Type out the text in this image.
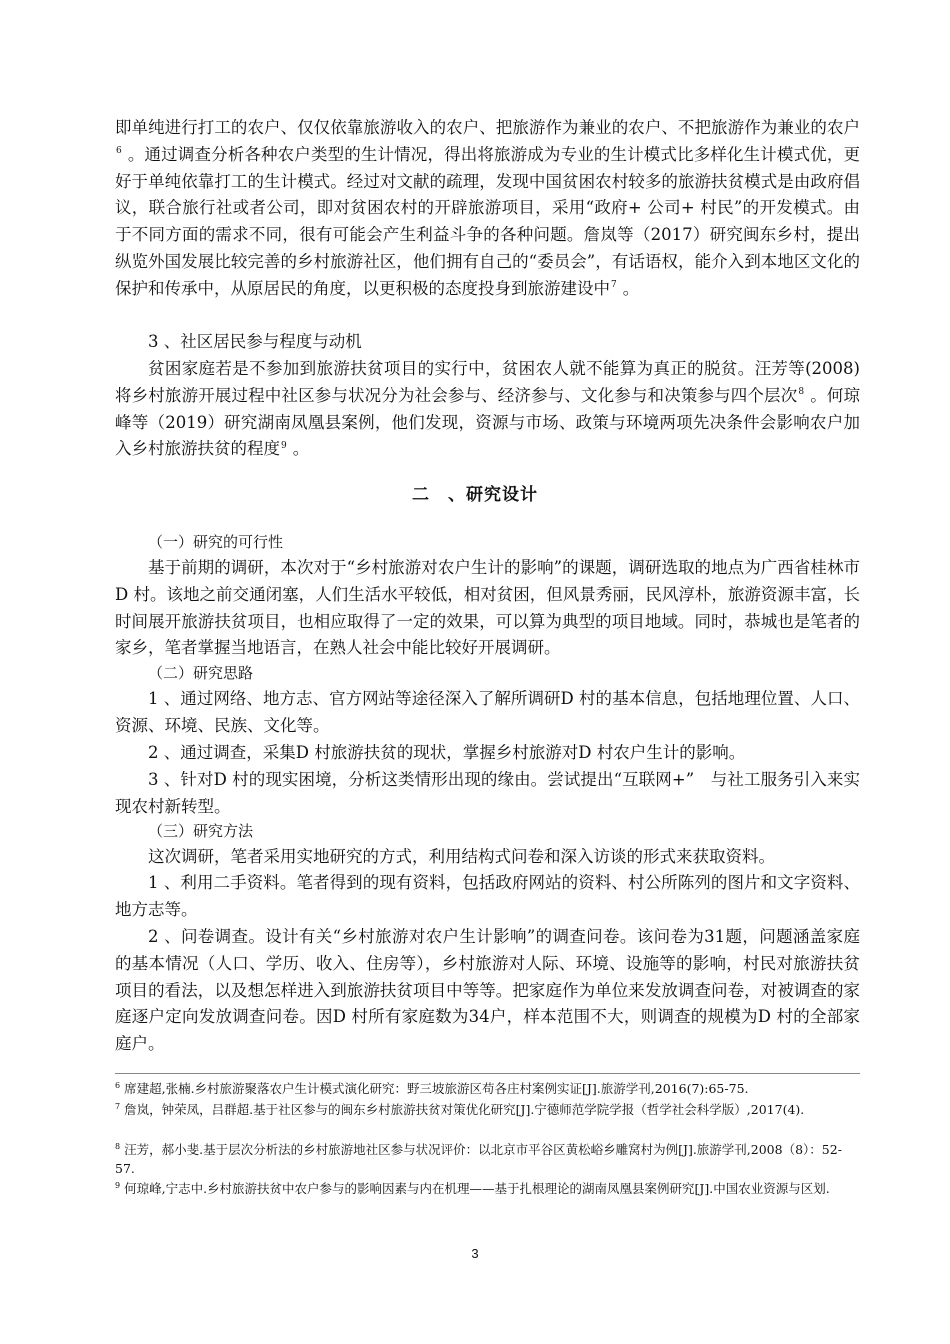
即单纯进行打工的农户、仅仅依靠旅游收入的农户、把旅游作为兼业的农户、不把旅游作为兼业的农户$^6$ 。通过调查分析各种农户类型的生计情况，得出将旅游成为专业的生计模式比多样化生计模式优，更好于单纯依靠打工的生计模式。经过对文献的疏理，发现中国贫困农村较多的旅游扶贫模式是由政府倡议，联合旅行社或者公司，即对贫困农村的开辟旅游项目，采用“政府+ 公司+ 村民”的开发模式。由于不同方面的需求不同，很有可能会产生利益斗争的各种问题。詹岚等（2017）研究闽东乡村，提出纵览外国发展比较完善的乡村旅游社区，他们拥有自己的“委员会”，有话语权，能介入到本地区文化的保护和传承中，从原居民的角度，以更积极的态度投身到旅游建设中$^7$ 。

3 、社区居民参与程度与动机

贫困家庭若是不参加到旅游扶贫项目的实行中，贫困农人就不能算为真正的脱贫。汪芳等(2008)将乡村旅游开展过程中社区参与状况分为社会参与、经济参与、文化参与和决策参与四个层次$^8$ 。何琼峰等（2019）研究湖南凤凰县案例，他们发现，资源与市场、政策与环境两项先决条件会影响农户加入乡村旅游扶贫的程度$^9$ 。

二　、研究设计

（一）研究的可行性

基于前期的调研，本次对于“乡村旅游对农户生计的影响”的课题，调研选取的地点为广西省桂林市D 村。该地之前交通闭塞，人们生活水平较低，相对贫困，但风景秀丽，民风淳朴，旅游资源丰富，长时间展开旅游扶贫项目，也相应取得了一定的效果，可以算为典型的项目地域。同时，恭城也是笔者的家乡，笔者掌握当地语言，在熟人社会中能比较好开展调研。

（二）研究思路

1 、通过网络、地方志、官方网站等途径深入了解所调研D 村的基本信息，包括地理位置、人口、资源、环境、民族、文化等。

2 、通过调查，采集D 村旅游扶贫的现状，掌握乡村旅游对D 村农户生计的影响。

3 、针对D 村的现实困境，分析这类情形出现的缘由。尝试提出“互联网+”　与社工服务引入来实现农村新转型。

（三）研究方法

这次调研，笔者采用实地研究的方式，利用结构式问卷和深入访谈的形式来获取资料。

1 、利用二手资料。笔者得到的现有资料，包括政府网站的资料、村公所陈列的图片和文字资料、地方志等。

2 、问卷调查。设计有关“乡村旅游对农户生计影响”的调查问卷。该问卷为31题，问题涵盖家庭的基本情况（人口、学历、收入、住房等），乡村旅游对人际、环境、设施等的影响，村民对旅游扶贫项目的看法，以及想怎样进入到旅游扶贫项目中等等。把家庭作为单位来发放调查问卷，对被调查的家庭逐户定向发放调查问卷。因D 村所有家庭数为34户，样本范围不大，则调查的规模为D 村的全部家庭户。

$^6$ 席建超,张楠.乡村旅游聚落农户生计模式演化研究：野三坡旅游区苟各庄村案例实证[J].旅游学刊,2016(7):65-75.

$^7$ 詹岚，钟荣凤，吕群超.基于社区参与的闽东乡村旅游扶贫对策优化研究[J].宁德师范学院学报（哲学社会科学版）,2017(4).

$^8$ 汪芳，郝小斐.基于层次分析法的乡村旅游地社区参与状况评价：以北京市平谷区黄松峪乡雕窝村为例[J].旅游学刊,2008（8）：52-57.

$^9$ 何琼峰,宁志中.乡村旅游扶贫中农户参与的影响因素与内在机理——基于扎根理论的湖南凤凰县案例研究[J].中国农业资源与区划.

3
